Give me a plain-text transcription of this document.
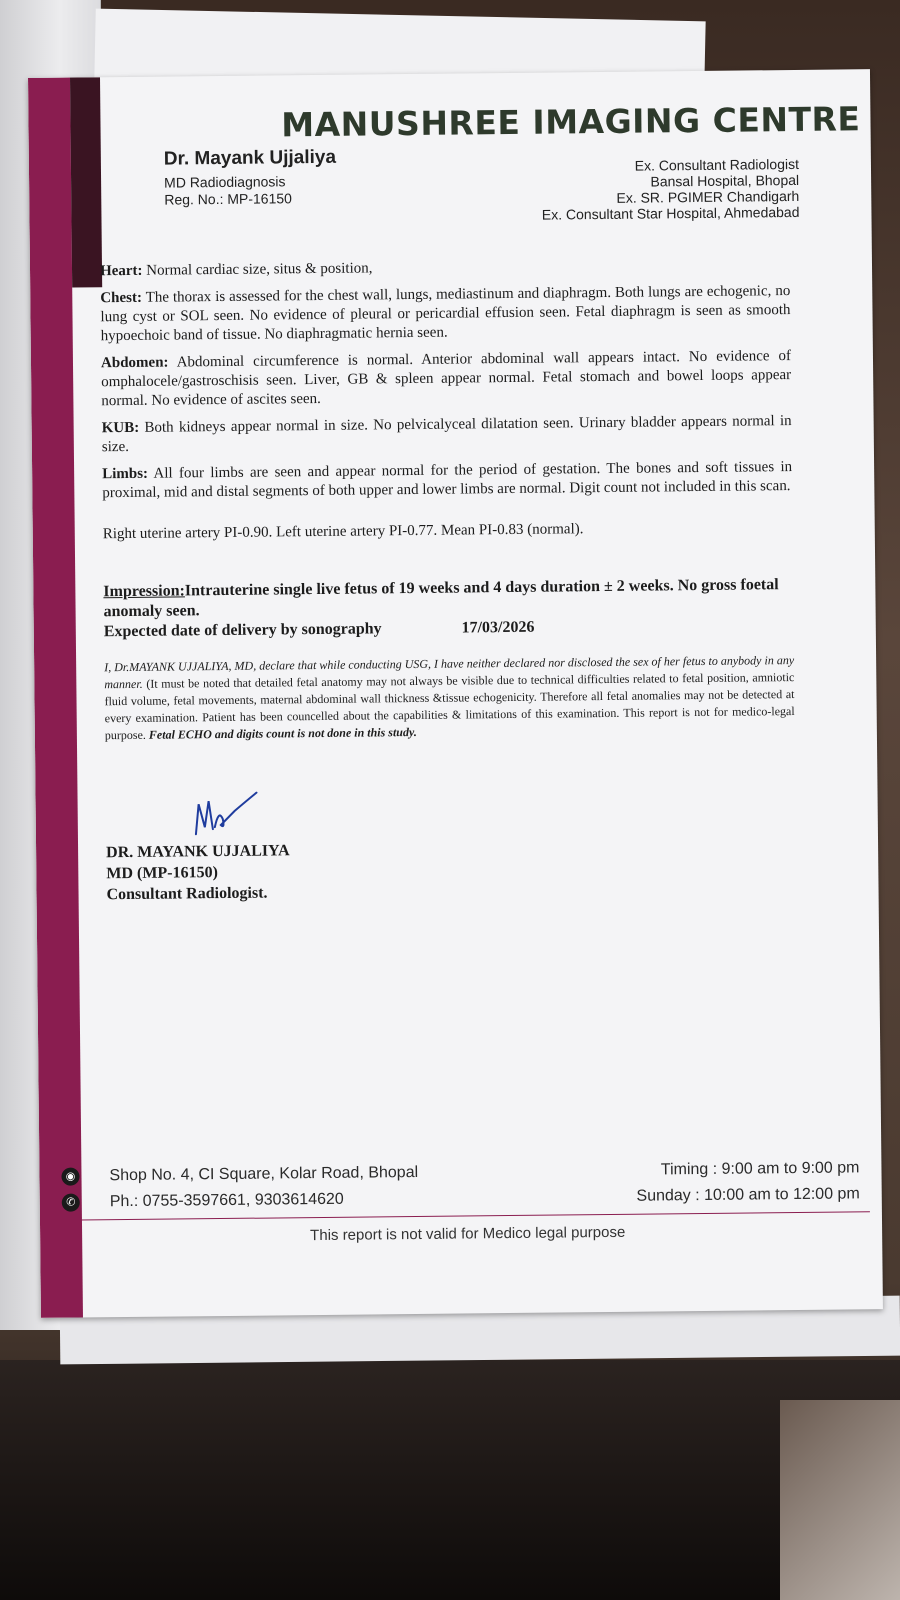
MANUSHREE IMAGING CENTRE
Dr. Mayank Ujjaliya
MD Radiodiagnosis
Reg. No.: MP-16150
Ex. Consultant Radiologist
Bansal Hospital, Bhopal
Ex. SR. PGIMER Chandigarh
Ex. Consultant Star Hospital, Ahmedabad

Heart: Normal cardiac size, situs & position,

Chest: The thorax is assessed for the chest wall, lungs, mediastinum and diaphragm. Both lungs are echogenic, no lung cyst or SOL seen. No evidence of pleural or pericardial effusion seen. Fetal diaphragm is seen as smooth hypoechoic band of tissue. No diaphragmatic hernia seen.

Abdomen: Abdominal circumference is normal. Anterior abdominal wall appears intact. No evidence of omphalocele/gastroschisis seen. Liver, GB & spleen appear normal. Fetal stomach and bowel loops appear normal. No evidence of ascites seen.

KUB: Both kidneys appear normal in size. No pelvicalyceal dilatation seen. Urinary bladder appears normal in size.

Limbs: All four limbs are seen and appear normal for the period of gestation. The bones and soft tissues in proximal, mid and distal segments of both upper and lower limbs are normal. Digit count not included in this scan.

Right uterine artery PI-0.90. Left uterine artery PI-0.77. Mean PI-0.83 (normal).

Impression:Intrauterine single live fetus of 19 weeks and 4 days duration ± 2 weeks. No gross foetal anomaly seen.
Expected date of delivery by sonography	17/03/2026
I, Dr.MAYANK UJJALIYA, MD, declare that while conducting USG, I have neither declared nor disclosed the sex of her fetus to anybody in any manner. (It must be noted that detailed fetal anatomy may not always be visible due to technical difficulties related to fetal position, amniotic fluid volume, fetal movements, maternal abdominal wall thickness &tissue echogenicity. Therefore all fetal anomalies may not be detected at every examination. Patient has been councelled about the capabilities & limitations of this examination. This report is not for medico-legal purpose. Fetal ECHO and digits count is not done in this study.
DR. MAYANK UJJALIYA
MD (MP-16150)
Consultant Radiologist.
◉ Shop No. 4, CI Square, Kolar Road, Bhopal	Timing : 9:00 am to 9:00 pm
✆ Ph.: 0755-3597661, 9303614620	Sunday : 10:00 am to 12:00 pm
This report is not valid for Medico legal purpose
